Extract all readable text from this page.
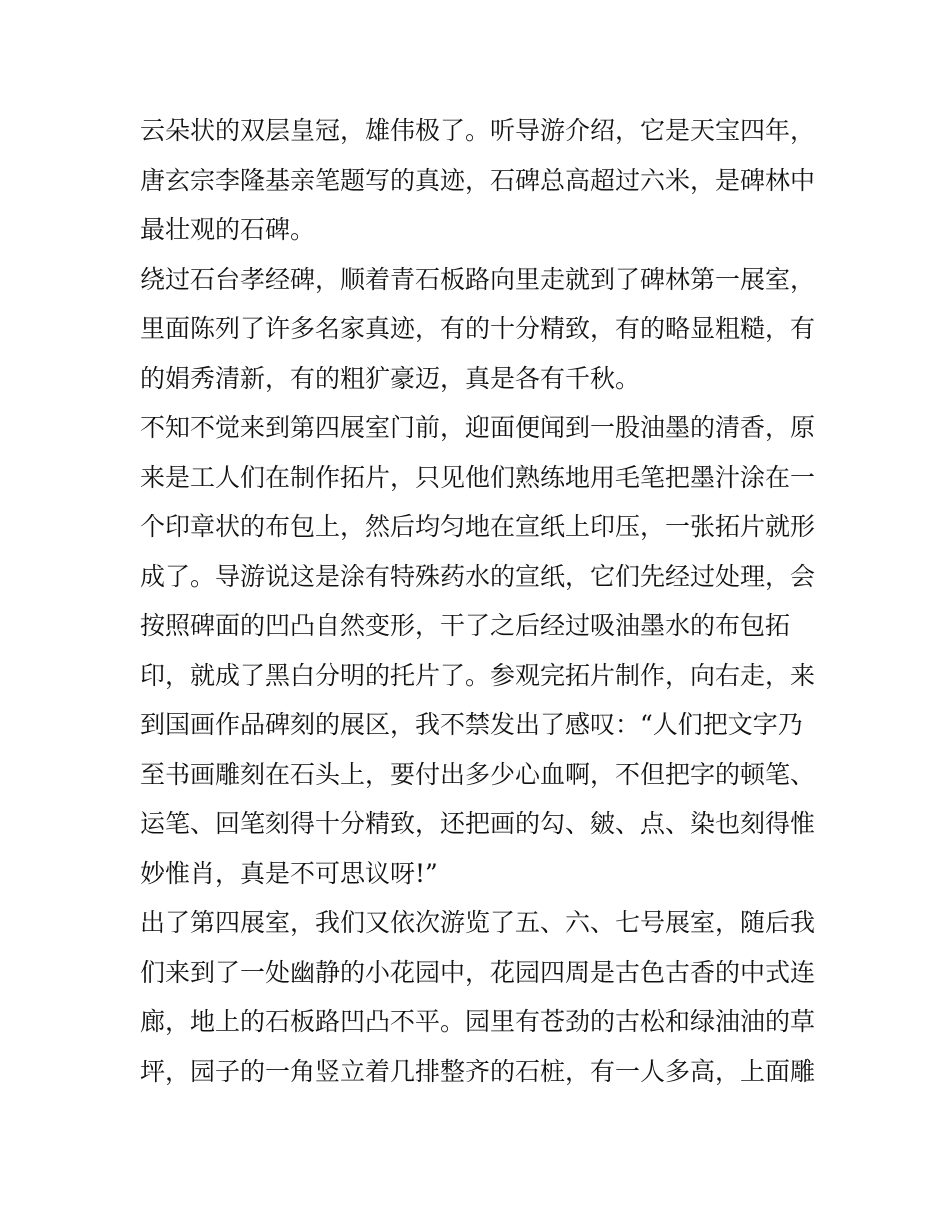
云朵状的双层皇冠，雄伟极了。听导游介绍，它是天宝四年，
唐玄宗李隆基亲笔题写的真迹，石碑总高超过六米，是碑林中
最壮观的石碑。
绕过石台孝经碑，顺着青石板路向里走就到了碑林第一展室，
里面陈列了许多名家真迹，有的十分精致，有的略显粗糙，有
的娟秀清新，有的粗犷豪迈，真是各有千秋。
不知不觉来到第四展室门前，迎面便闻到一股油墨的清香，原
来是工人们在制作拓片，只见他们熟练地用毛笔把墨汁涂在一
个印章状的布包上，然后均匀地在宣纸上印压，一张拓片就形
成了。导游说这是涂有特殊药水的宣纸，它们先经过处理，会
按照碑面的凹凸自然变形，干了之后经过吸油墨水的布包拓
印，就成了黑白分明的托片了。参观完拓片制作，向右走，来
到国画作品碑刻的展区，我不禁发出了感叹：“人们把文字乃
至书画雕刻在石头上，要付出多少心血啊，不但把字的顿笔、
运笔、回笔刻得十分精致，还把画的勾、皴、点、染也刻得惟
妙惟肖，真是不可思议呀!”
出了第四展室，我们又依次游览了五、六、七号展室，随后我
们来到了一处幽静的小花园中，花园四周是古色古香的中式连
廊，地上的石板路凹凸不平。园里有苍劲的古松和绿油油的草
坪，园子的一角竖立着几排整齐的石桩，有一人多高，上面雕
